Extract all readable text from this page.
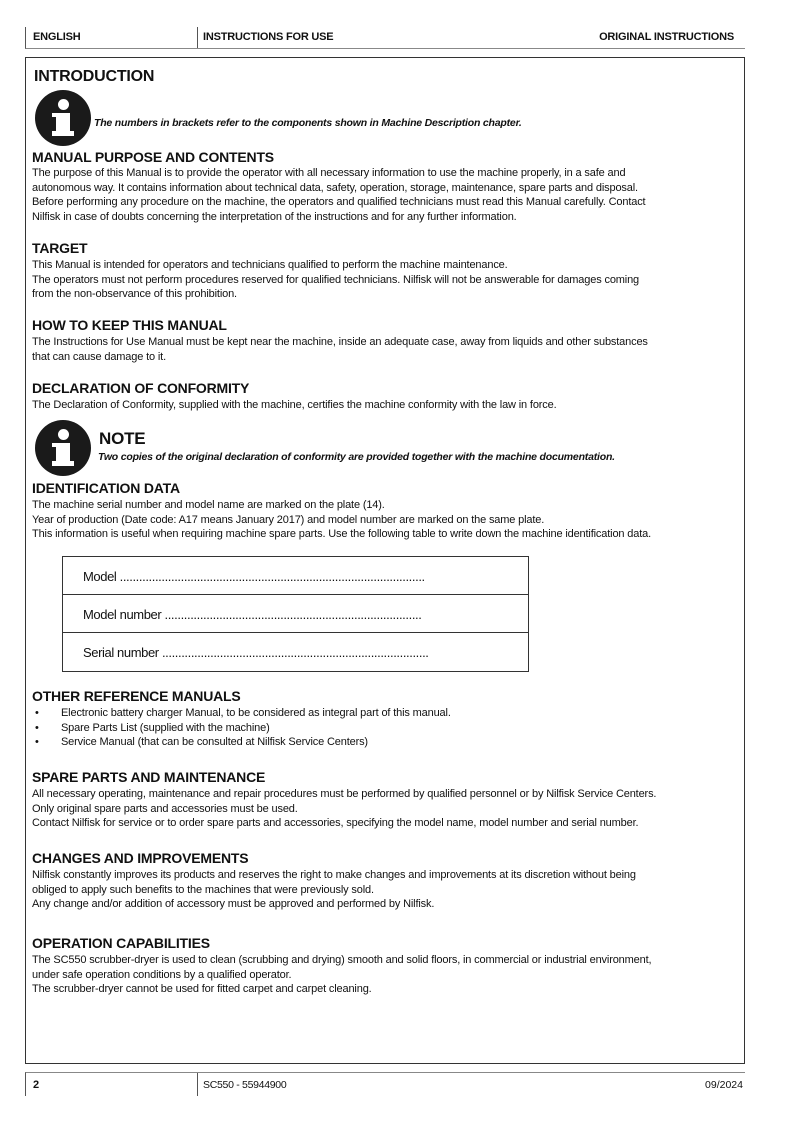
ENGLISH	INSTRUCTIONS FOR USE	ORIGINAL INSTRUCTIONS
INTRODUCTION
The numbers in brackets refer to the components shown in Machine Description chapter.
MANUAL PURPOSE AND CONTENTS
The purpose of this Manual is to provide the operator with all necessary information to use the machine properly, in a safe and
autonomous way. It contains information about technical data, safety, operation, storage, maintenance, spare parts and disposal.
Before performing any procedure on the machine, the operators and qualified technicians must read this Manual carefully. Contact
Nilfisk in case of doubts concerning the interpretation of the instructions and for any further information.
TARGET
This Manual is intended for operators and technicians qualified to perform the machine maintenance.
The operators must not perform procedures reserved for qualified technicians. Nilfisk will not be answerable for damages coming
from the non-observance of this prohibition.
HOW TO KEEP THIS MANUAL
The Instructions for Use Manual must be kept near the machine, inside an adequate case, away from liquids and other substances
that can cause damage to it.
DECLARATION OF CONFORMITY
The Declaration of Conformity, supplied with the machine, certifies the machine conformity with the law in force.
NOTE
Two copies of the original declaration of conformity are provided together with the machine documentation.
IDENTIFICATION DATA
The machine serial number and model name are marked on the plate (14).
Year of production (Date code: A17 means January 2017) and model number are marked on the same plate.
This information is useful when requiring machine spare parts. Use the following table to write down the machine identification data.
Model ...............................................................................................
Model number ................................................................................
Serial number ...................................................................................
OTHER REFERENCE MANUALS
• Electronic battery charger Manual, to be considered as integral part of this manual.
• Spare Parts List (supplied with the machine)
• Service Manual (that can be consulted at Nilfisk Service Centers)
SPARE PARTS AND MAINTENANCE
All necessary operating, maintenance and repair procedures must be performed by qualified personnel or by Nilfisk Service Centers.
Only original spare parts and accessories must be used.
Contact Nilfisk for service or to order spare parts and accessories, specifying the model name, model number and serial number.
CHANGES AND IMPROVEMENTS
Nilfisk constantly improves its products and reserves the right to make changes and improvements at its discretion without being
obliged to apply such benefits to the machines that were previously sold.
Any change and/or addition of accessory must be approved and performed by Nilfisk.
OPERATION CAPABILITIES
The SC550 scrubber-dryer is used to clean (scrubbing and drying) smooth and solid floors, in commercial or industrial environment,
under safe operation conditions by a qualified operator.
The scrubber-dryer cannot be used for fitted carpet and carpet cleaning.
2	SC550 - 55944900	09/2024
